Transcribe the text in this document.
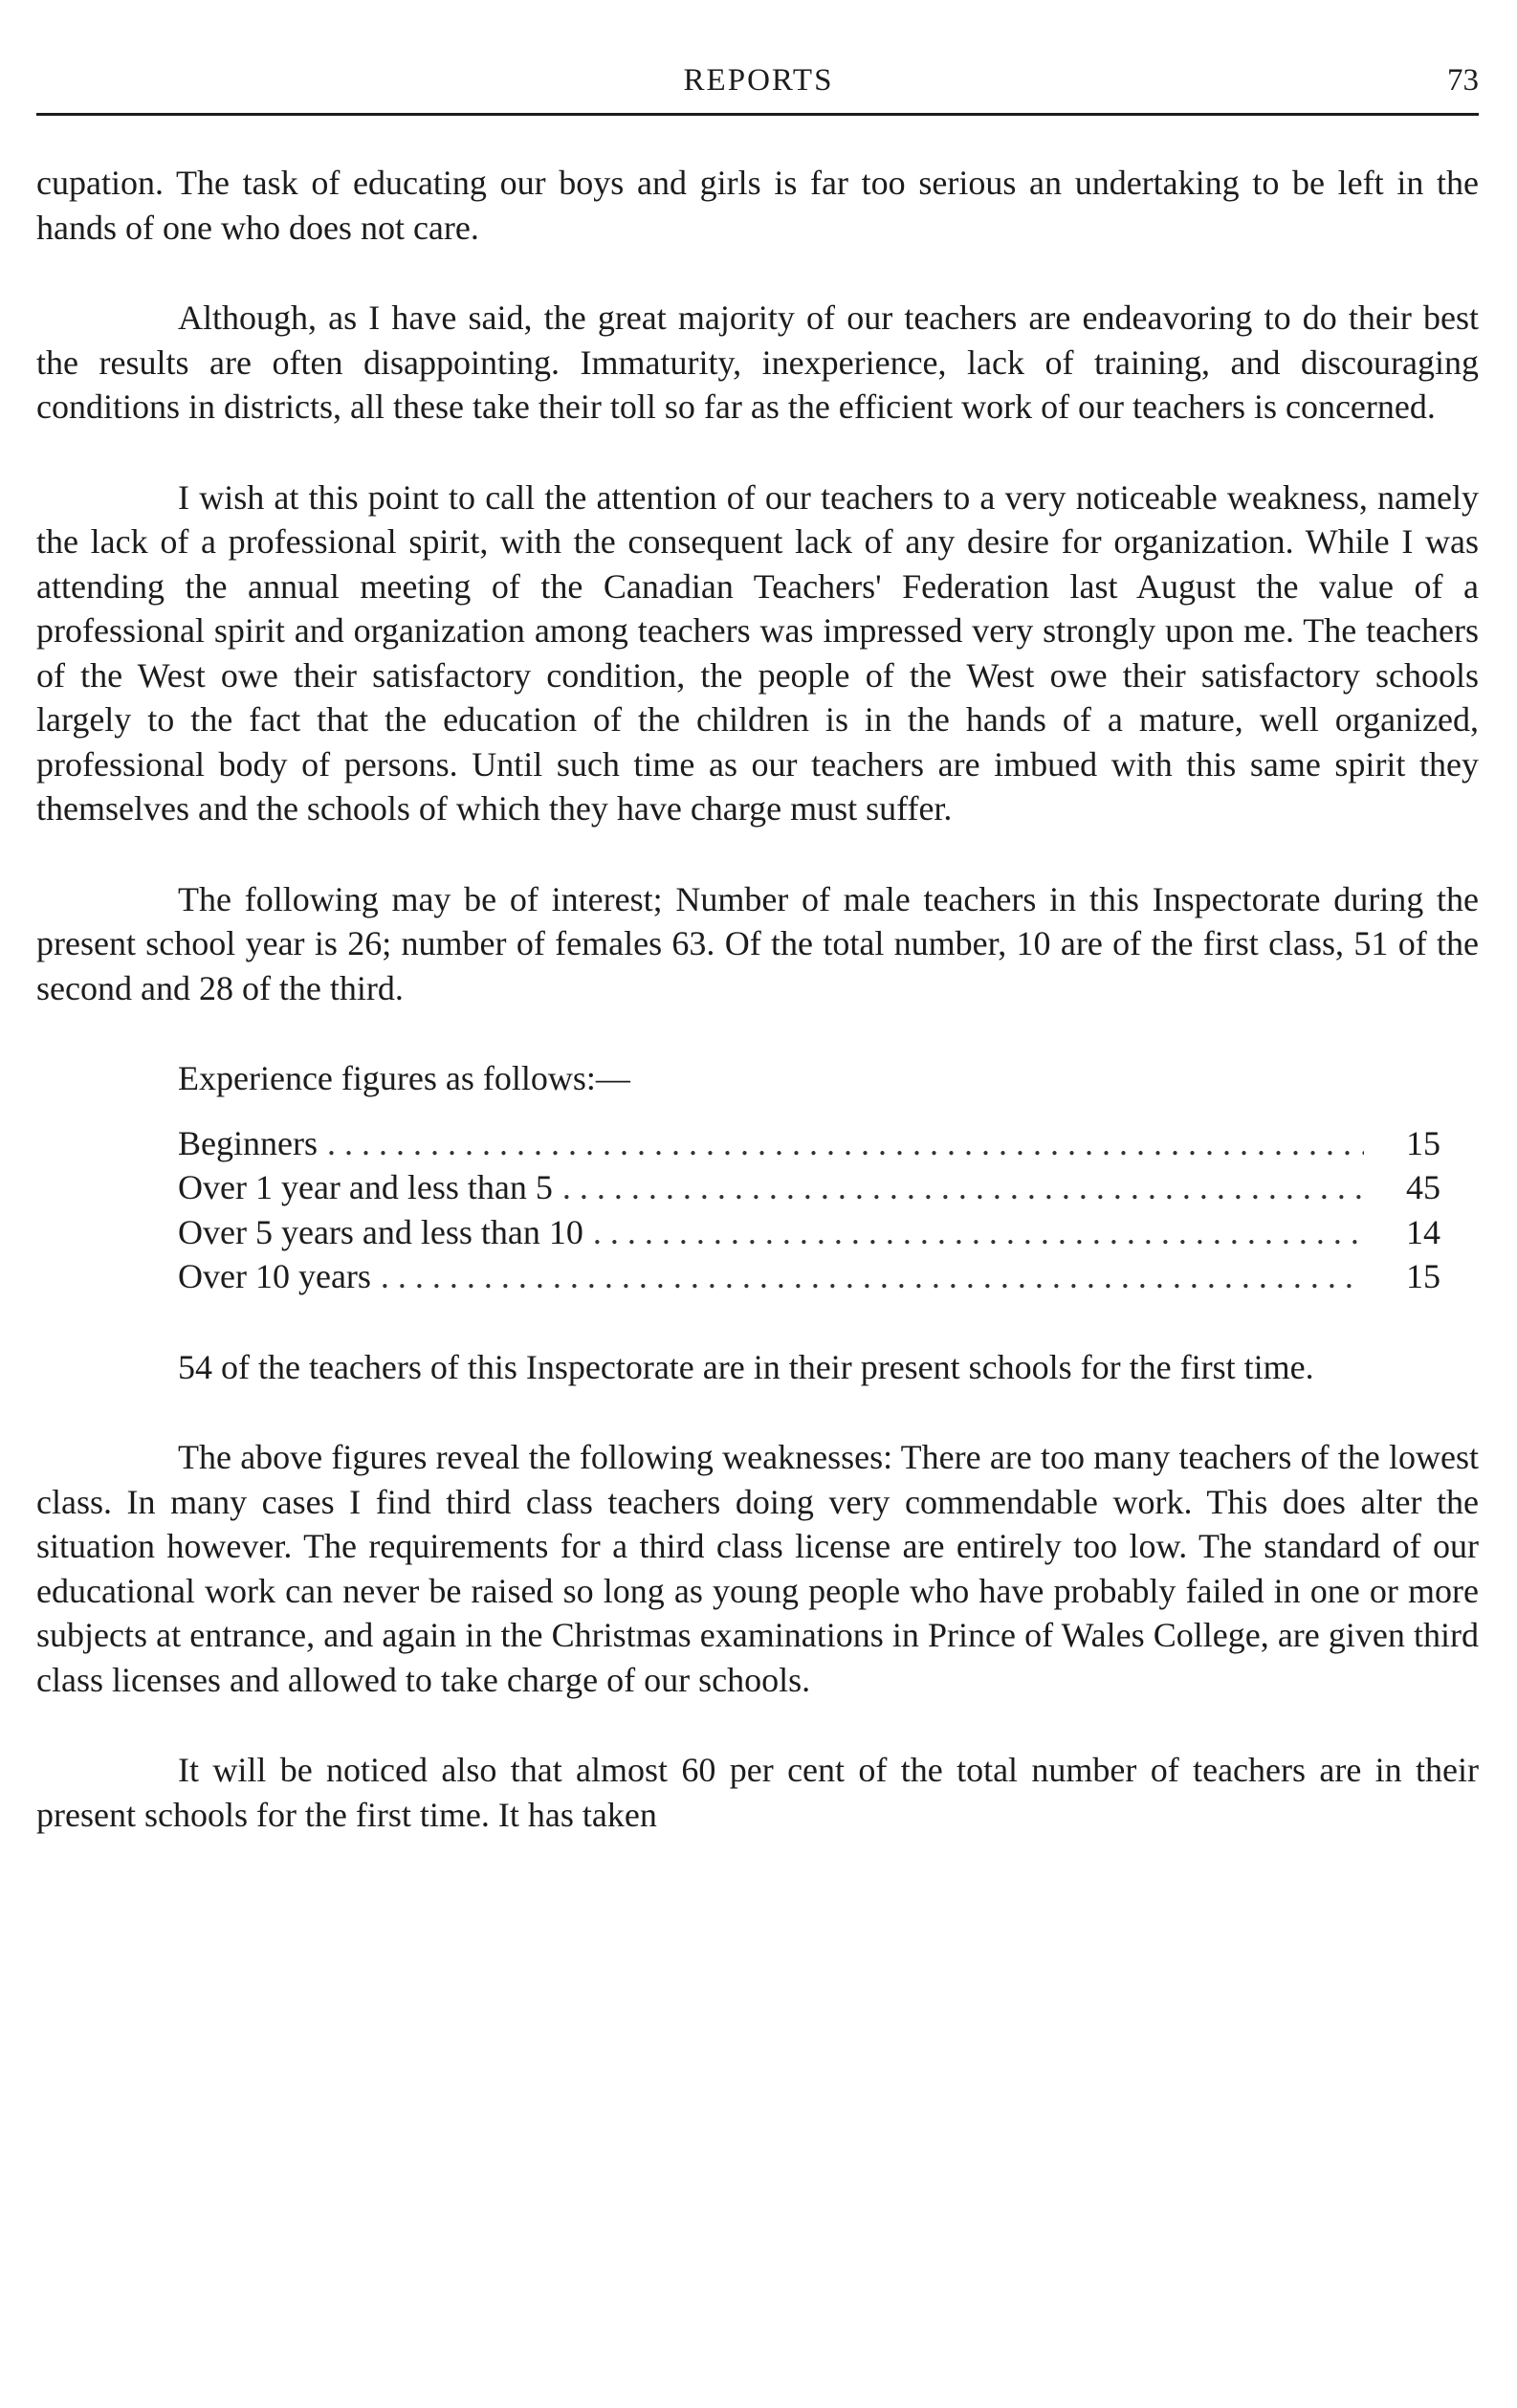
REPORTS	73

cupation. The task of educating our boys and girls is far too serious an undertaking to be left in the hands of one who does not care.

Although, as I have said, the great majority of our teachers are endeavoring to do their best the results are often disappointing. Immaturity, inexperience, lack of training, and discouraging conditions in districts, all these take their toll so far as the efficient work of our teachers is concerned.

I wish at this point to call the attention of our teachers to a very noticeable weakness, namely the lack of a professional spirit, with the consequent lack of any desire for organization. While I was attending the annual meeting of the Canadian Teachers' Federation last August the value of a professional spirit and organization among teachers was impressed very strongly upon me. The teachers of the West owe their satisfactory condition, the people of the West owe their satisfactory schools largely to the fact that the education of the children is in the hands of a mature, well organized, professional body of persons. Until such time as our teachers are imbued with this same spirit they themselves and the schools of which they have charge must suffer.

The following may be of interest; Number of male teachers in this Inspectorate during the present school year is 26; number of females 63. Of the total number, 10 are of the first class, 51 of the second and 28 of the third.

Experience figures as follows:—

Beginners . . .	15
Over 1 year and less than 5 . . .	45
Over 5 years and less than 10 . . .	14
Over 10 years . . .	15

54 of the teachers of this Inspectorate are in their present schools for the first time.

The above figures reveal the following weaknesses: There are too many teachers of the lowest class. In many cases I find third class teachers doing very commendable work. This does alter the situation however. The requirements for a third class license are entirely too low. The standard of our educational work can never be raised so long as young people who have probably failed in one or more subjects at entrance, and again in the Christmas examinations in Prince of Wales College, are given third class licenses and allowed to take charge of our schools.

It will be noticed also that almost 60 per cent of the total number of teachers are in their present schools for the first time. It has taken
